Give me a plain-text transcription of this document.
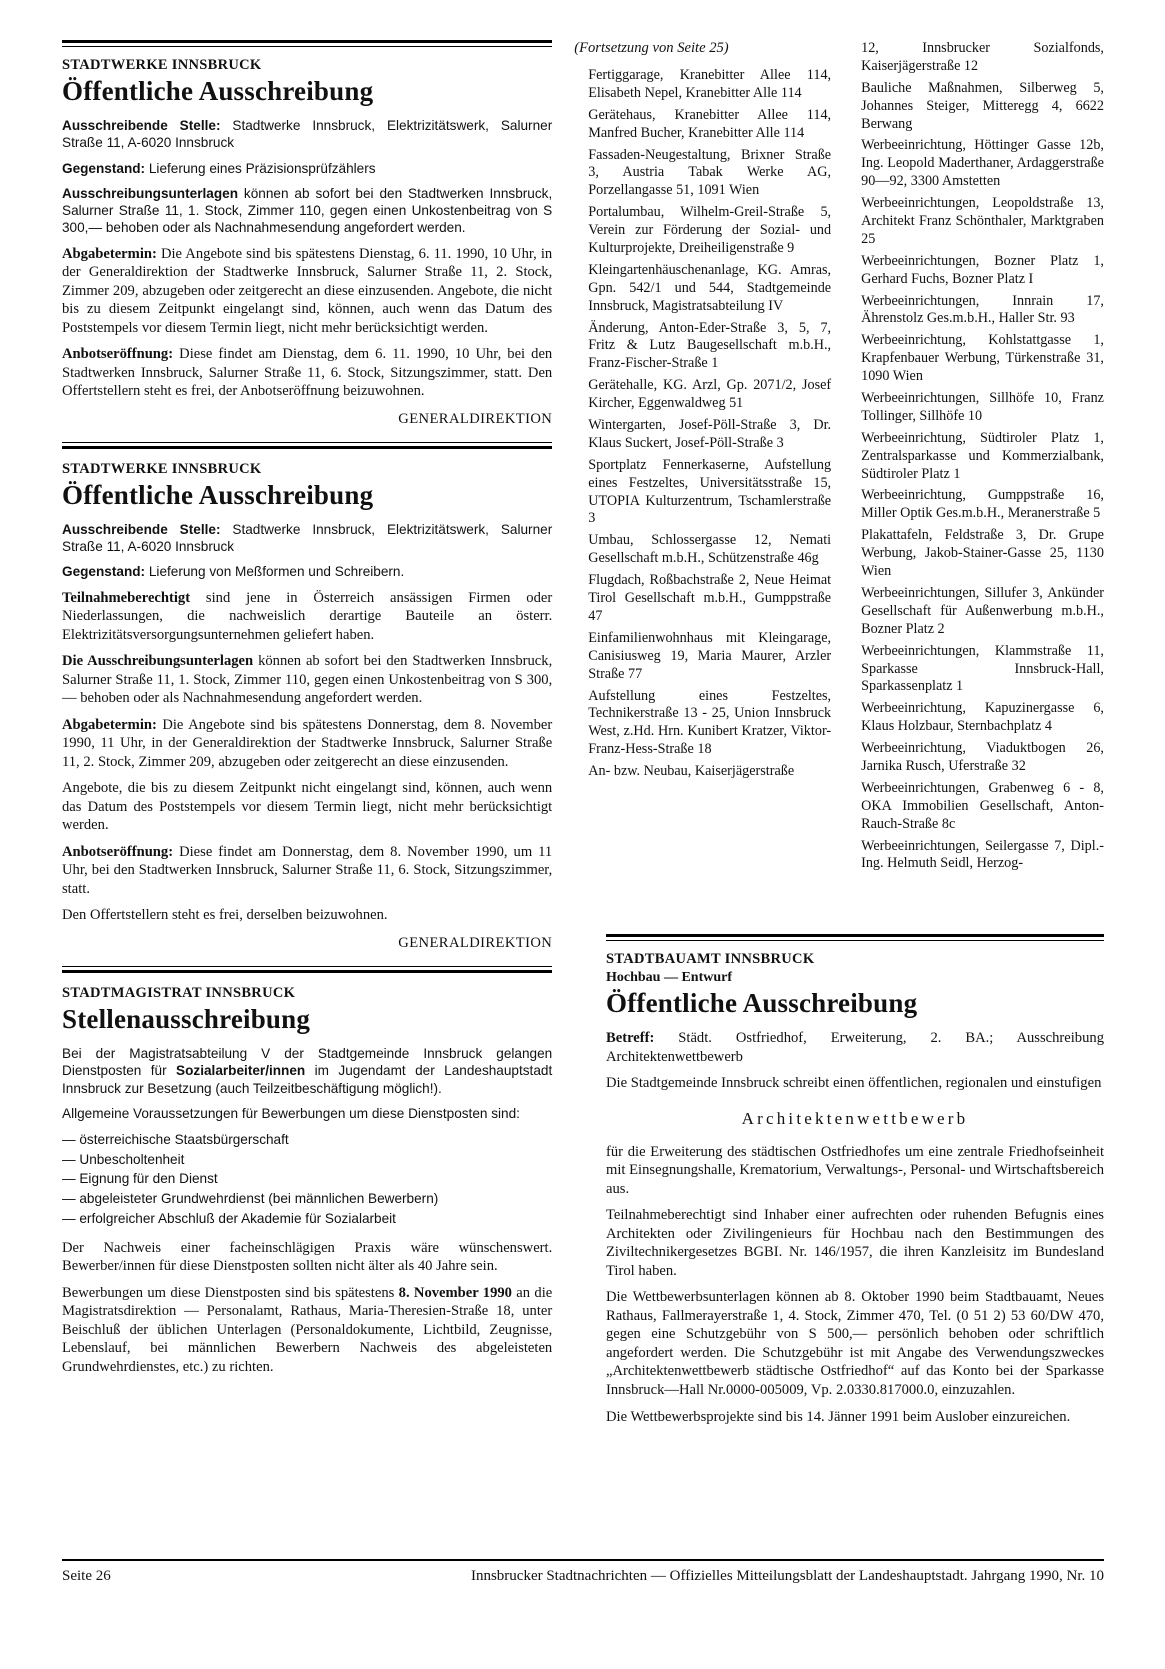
STADTWERKE INNSBRUCK
Öffentliche Ausschreibung

Ausschreibende Stelle: Stadtwerke Innsbruck, Elektrizitätswerk, Salurner Straße 11, A-6020 Innsbruck

Gegenstand: Lieferung eines Präzisionsprüfzählers

Ausschreibungsunterlagen können ab sofort bei den Stadtwerken Innsbruck, Salurner Straße 11, 1. Stock, Zimmer 110, gegen einen Unkostenbeitrag von S 300,— behoben oder als Nachnahmesendung angefordert werden.

Abgabetermin: Die Angebote sind bis spätestens Dienstag, 6. 11. 1990, 10 Uhr, in der Generaldirektion der Stadtwerke Innsbruck, Salurner Straße 11, 2. Stock, Zimmer 209, abzugeben oder zeitgerecht an diese einzusenden. Angebote, die nicht bis zu diesem Zeitpunkt eingelangt sind, können, auch wenn das Datum des Poststempels vor diesem Termin liegt, nicht mehr berücksichtigt werden.

Anbotseröffnung: Diese findet am Dienstag, dem 6. 11. 1990, 10 Uhr, bei den Stadtwerken Innsbruck, Salurner Straße 11, 6. Stock, Sitzungszimmer, statt. Den Offertstellern steht es frei, der Anbotseröffnung beizuwohnen.

GENERALDIREKTION

STADTWERKE INNSBRUCK
Öffentliche Ausschreibung

Ausschreibende Stelle: Stadtwerke Innsbruck, Elektrizitätswerk, Salurner Straße 11, A-6020 Innsbruck

Gegenstand: Lieferung von Meßformen und Schreibern.

Teilnahmeberechtigt sind jene in Österreich ansässigen Firmen oder Niederlassungen, die nachweislich derartige Bauteile an österr. Elektrizitätsversorgungsunternehmen geliefert haben.

Die Ausschreibungsunterlagen können ab sofort bei den Stadtwerken Innsbruck, Salurner Straße 11, 1. Stock, Zimmer 110, gegen einen Unkostenbeitrag von S 300,— behoben oder als Nachnahmesendung angefordert werden.

Abgabetermin: Die Angebote sind bis spätestens Donnerstag, dem 8. November 1990, 11 Uhr, in der Generaldirektion der Stadtwerke Innsbruck, Salurner Straße 11, 2. Stock, Zimmer 209, abzugeben oder zeitgerecht an diese einzusenden.

Angebote, die bis zu diesem Zeitpunkt nicht eingelangt sind, können, auch wenn das Datum des Poststempels vor diesem Termin liegt, nicht mehr berücksichtigt werden.

Anbotseröffnung: Diese findet am Donnerstag, dem 8. November 1990, um 11 Uhr, bei den Stadtwerken Innsbruck, Salurner Straße 11, 6. Stock, Sitzungszimmer, statt.

Den Offertstellern steht es frei, derselben beizuwohnen.

GENERALDIREKTION

STADTMAGISTRAT INNSBRUCK
Stellenausschreibung

Bei der Magistratsabteilung V der Stadtgemeinde Innsbruck gelangen Dienstposten für Sozialarbeiter/innen im Jugendamt der Landeshauptstadt Innsbruck zur Besetzung (auch Teilzeitbeschäftigung möglich!).

Allgemeine Voraussetzungen für Bewerbungen um diese Dienstposten sind:

— österreichische Staatsbürgerschaft
— Unbescholtenheit
— Eignung für den Dienst
— abgeleisteter Grundwehrdienst (bei männlichen Bewerbern)
— erfolgreicher Abschluß der Akademie für Sozialarbeit

Der Nachweis einer facheinschlägigen Praxis wäre wünschenswert. Bewerber/innen für diese Dienstposten sollten nicht älter als 40 Jahre sein.

Bewerbungen um diese Dienstposten sind bis spätestens 8. November 1990 an die Magistratsdirektion — Personalamt, Rathaus, Maria-Theresien-Straße 18, unter Beischluß der üblichen Unterlagen (Personaldokumente, Lichtbild, Zeugnisse, Lebenslauf, bei männlichen Bewerbern Nachweis des abgeleisteten Grundwehrdienstes, etc.) zu richten.

(Fortsetzung von Seite 25)

Fertiggarage, Kranebitter Allee 114, Elisabeth Nepel, Kranebitter Alle 114

Gerätehaus, Kranebitter Allee 114, Manfred Bucher, Kranebitter Alle 114

Fassaden-Neugestaltung, Brixner Straße 3, Austria Tabak Werke AG, Porzellangasse 51, 1091 Wien

Portalumbau, Wilhelm-Greil-Straße 5, Verein zur Förderung der Sozial- und Kulturprojekte, Dreiheiligenstraße 9

Kleingartenhäuschenanlage, KG. Amras, Gpn. 542/1 und 544, Stadtgemeinde Innsbruck, Magistratsabteilung IV

Änderung, Anton-Eder-Straße 3, 5, 7, Fritz & Lutz Baugesellschaft m.b.H., Franz-Fischer-Straße 1

Gerätehalle, KG. Arzl, Gp. 2071/2, Josef Kircher, Eggenwaldweg 51

Wintergarten, Josef-Pöll-Straße 3, Dr. Klaus Suckert, Josef-Pöll-Straße 3

Sportplatz Fennerkaserne, Aufstellung eines Festzeltes, Universitätsstraße 15, UTOPIA Kulturzentrum, Tschamlerstraße 3

Umbau, Schlossergasse 12, Nemati Gesellschaft m.b.H., Schützenstraße 46g

Flugdach, Roßbachstraße 2, Neue Heimat Tirol Gesellschaft m.b.H., Gumppstraße 47

Einfamilienwohnhaus mit Kleingarage, Canisiusweg 19, Maria Maurer, Arzler Straße 77

Aufstellung eines Festzeltes, Technikerstraße 13 - 25, Union Innsbruck West, z.Hd. Hrn. Kunibert Kratzer, Viktor-Franz-Hess-Straße 18

An- bzw. Neubau, Kaiserjägerstraße

12, Innsbrucker Sozialfonds, Kaiserjägerstraße 12

Bauliche Maßnahmen, Silberweg 5, Johannes Steiger, Mitteregg 4, 6622 Berwang

Werbeeinrichtung, Höttinger Gasse 12b, Ing. Leopold Maderthaner, Ardaggerstraße 90—92, 3300 Amstetten

Werbeeinrichtungen, Leopoldstraße 13, Architekt Franz Schönthaler, Marktgraben 25

Werbeeinrichtungen, Bozner Platz 1, Gerhard Fuchs, Bozner Platz I

Werbeeinrichtungen, Innrain 17, Ährenstolz Ges.m.b.H., Haller Str. 93

Werbeeinrichtung, Kohlstattgasse 1, Krapfenbauer Werbung, Türkenstraße 31, 1090 Wien

Werbeeinrichtungen, Sillhöfe 10, Franz Tollinger, Sillhöfe 10

Werbeeinrichtung, Südtiroler Platz 1, Zentralsparkasse und Kommerzialbank, Südtiroler Platz 1

Werbeeinrichtung, Gumppstraße 16, Miller Optik Ges.m.b.H., Meranerstraße 5

Plakattafeln, Feldstraße 3, Dr. Grupe Werbung, Jakob-Stainer-Gasse 25, 1130 Wien

Werbeeinrichtungen, Sillufer 3, Ankünder Gesellschaft für Außenwerbung m.b.H., Bozner Platz 2

Werbeeinrichtungen, Klammstraße 11, Sparkasse Innsbruck-Hall, Sparkassenplatz 1

Werbeeinrichtung, Kapuzinergasse 6, Klaus Holzbaur, Sternbachplatz 4

Werbeeinrichtung, Viaduktbogen 26, Jarnika Rusch, Uferstraße 32

Werbeeinrichtungen, Grabenweg 6 - 8, OKA Immobilien Gesellschaft, Anton-Rauch-Straße 8c

Werbeeinrichtungen, Seilergasse 7, Dipl.-Ing. Helmuth Seidl, Herzog-

STADTBAUAMT INNSBRUCK
Hochbau — Entwurf
Öffentliche Ausschreibung

Betreff: Städt. Ostfriedhof, Erweiterung, 2. BA.; Ausschreibung Architektenwettbewerb

Die Stadtgemeinde Innsbruck schreibt einen öffentlichen, regionalen und einstufigen

Architektenwettbewerb

für die Erweiterung des städtischen Ostfriedhofes um eine zentrale Friedhofseinheit mit Einsegnungshalle, Krematorium, Verwaltungs-, Personal- und Wirtschaftsbereich aus.

Teilnahmeberechtigt sind Inhaber einer aufrechten oder ruhenden Befugnis eines Architekten oder Zivilingenieurs für Hochbau nach den Bestimmungen des Ziviltechnikergesetzes BGBI. Nr. 146/1957, die ihren Kanzleisitz im Bundesland Tirol haben.

Die Wettbewerbsunterlagen können ab 8. Oktober 1990 beim Stadtbauamt, Neues Rathaus, Fallmerayerstraße 1, 4. Stock, Zimmer 470, Tel. (0 51 2) 53 60/DW 470, gegen eine Schutzgebühr von S 500,— persönlich behoben oder schriftlich angefordert werden. Die Schutzgebühr ist mit Angabe des Verwendungszweckes „Architektenwettbewerb städtische Ostfriedhof“ auf das Konto bei der Sparkasse Innsbruck—Hall Nr.0000-005009, Vp. 2.0330.817000.0, einzuzahlen.

Die Wettbewerbsprojekte sind bis 14. Jänner 1991 beim Auslober einzureichen.

Seite 26	Innsbrucker Stadtnachrichten — Offizielles Mitteilungsblatt der Landeshauptstadt. Jahrgang 1990, Nr. 10
